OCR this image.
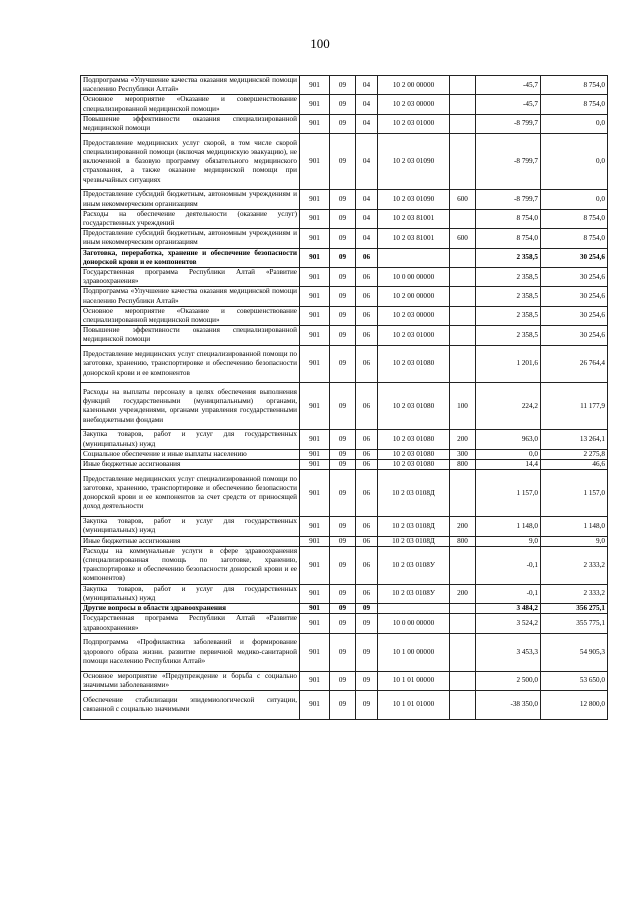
100
Подпрограмма «Улучшение качества оказания медицинской помощи населению Республики Алтай»	901	09	04	10 2 00 00000		-45,7	8 754,0
Основное мероприятие «Оказание и совершенствование специализированной медицинской помощи»	901	09	04	10 2 03 00000		-45,7	8 754,0
Повышение эффективности оказания специализированной медицинской помощи	901	09	04	10 2 03 01000		-8 799,7	0,0
Предоставление медицинских услуг скорой, в том числе скорой специализированной помощи (включая медицинскую эвакуацию), не включенной в базовую программу обязательного медицинского страхования, а также оказание медицинской помощи при чрезвычайных ситуациях	901	09	04	10 2 03 01090		-8 799,7	0,0
Предоставление субсидий бюджетным, автономным учреждениям и иным некоммерческим организациям	901	09	04	10 2 03 01090	600	-8 799,7	0,0
Расходы на обеспечение деятельности (оказание услуг) государственных учреждений	901	09	04	10 2 03 81001		8 754,0	8 754,0
Предоставление субсидий бюджетным, автономным учреждениям и иным некоммерческим организациям	901	09	04	10 2 03 81001	600	8 754,0	8 754,0
Заготовка, переработка, хранение и обеспечение безопасности донорской крови и ее компонентов	901	09	06			2 358,5	30 254,6
Государственная программа Республики Алтай «Развитие здравоохранения»	901	09	06	10 0 00 00000		2 358,5	30 254,6
Подпрограмма «Улучшение качества оказания медицинской помощи населению Республики Алтай»	901	09	06	10 2 00 00000		2 358,5	30 254,6
Основное мероприятие «Оказание и совершенствование специализированной медицинской помощи»	901	09	06	10 2 03 00000		2 358,5	30 254,6
Повышение эффективности оказания специализированной медицинской помощи	901	09	06	10 2 03 01000		2 358,5	30 254,6
Предоставление медицинских услуг специализированной помощи по заготовке, хранению, транспортировке и обеспечению безопасности донорской крови и ее компонентов	901	09	06	10 2 03 01080		1 201,6	26 764,4
Расходы на выплаты персоналу в целях обеспечения выполнения функций государственными (муниципальными) органами, казенными учреждениями, органами управления государственными внебюджетными фондами	901	09	06	10 2 03 01080	100	224,2	11 177,9
Закупка товаров, работ и услуг для государственных (муниципальных) нужд	901	09	06	10 2 03 01080	200	963,0	13 264,1
Социальное обеспечение и иные выплаты населению	901	09	06	10 2 03 01080	300	0,0	2 275,8
Иные бюджетные ассигнования	901	09	06	10 2 03 01080	800	14,4	46,6
Предоставление медицинских услуг специализированной помощи по заготовке, хранению, транспортировке и обеспечению безопасности донорской крови и ее компонентов за счет средств от приносящей доход деятельности	901	09	06	10 2 03 0108Д		1 157,0	1 157,0
Закупка товаров, работ и услуг для государственных (муниципальных) нужд	901	09	06	10 2 03 0108Д	200	1 148,0	1 148,0
Иные бюджетные ассигнования	901	09	06	10 2 03 0108Д	800	9,0	9,0
Расходы на коммунальные услуги в сфере здравоохранения (специализированная помощь по заготовке, хранению, транспортировке и обеспечению безопасности донорской крови и ее компонентов)	901	09	06	10 2 03 0108У		-0,1	2 333,2
Закупка товаров, работ и услуг для государственных (муниципальных) нужд	901	09	06	10 2 03 0108У	200	-0,1	2 333,2
Другие вопросы в области здравоохранения	901	09	09			3 484,2	356 275,1
Государственная программа Республики Алтай «Развитие здравоохранения»	901	09	09	10 0 00 00000		3 524,2	355 775,1
Подпрограмма «Профилактика заболеваний и формирование здорового образа жизни. развитие первичной медико-санитарной помощи населению Республики Алтай»	901	09	09	10 1 00 00000		3 453,3	54 905,3
Основное мероприятие «Предупреждение и борьба с социально значимыми заболеваниями»	901	09	09	10 1 01 00000		2 500,0	53 650,0
Обеспечение стабилизации эпидемиологической ситуации, связанной с социально значимыми	901	09	09	10 1 01 01000		-38 350,0	12 800,0
